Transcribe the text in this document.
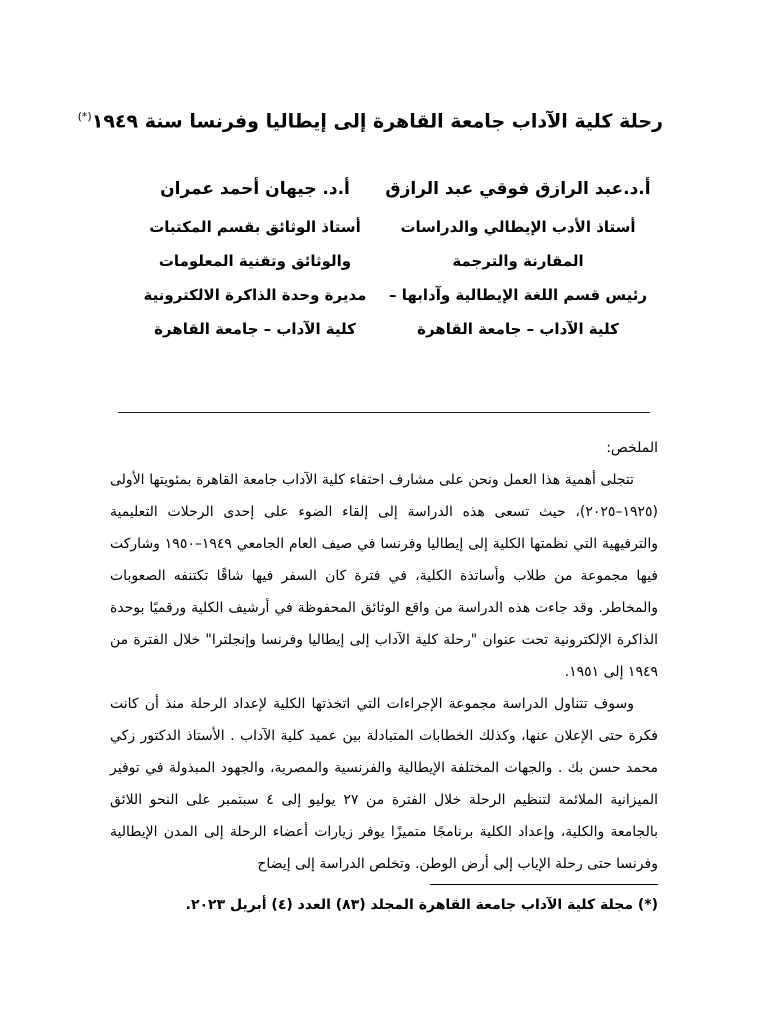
رحلة كلية الآداب جامعة القاهرة إلى إيطاليا وفرنسا سنة ١٩٤٩(*)
أ.د.عبد الرازق فوقي عبد الرازق
أستاذ الأدب الإيطالي والدراسات
المقارنة والترجمة
رئيس قسم اللغة الإيطالية وآدابها –
كلية الآداب – جامعة القاهرة
أ.د. جيهان أحمد عمران
أستاذ الوثائق بقسم المكتبات
والوثائق وتقنية المعلومات
مديرة وحدة الذاكرة الالكترونية
كلية الآداب – جامعة القاهرة
الملخص:

تتجلى أهمية هذا العمل ونحن على مشارف احتفاء كلية الآداب جامعة القاهرة بمئويتها الأولى (١٩٢٥–٢٠٢٥)، حيث تسعى هذه الدراسة إلى إلقاء الضوء على إحدى الرحلات التعليمية والترفيهية التي نظمتها الكلية إلى إيطاليا وفرنسا في صيف العام الجامعي ١٩٤٩–١٩٥٠ وشاركت فيها مجموعة من طلاب وأساتذة الكلية، في فترة كان السفر فيها شاقًا تكتنفه الصعوبات والمخاطر. وقد جاءت هذه الدراسة من واقع الوثائق المحفوظة في أرشيف الكلية ورقميًا بوحدة الذاكرة الإلكترونية تحت عنوان "رحلة كلية الآداب إلى إيطاليا وفرنسا وإنجلترا" خلال الفترة من ١٩٤٩ إلى ١٩٥١.

وسوف تتناول الدراسة مجموعة الإجراءات التي اتخذتها الكلية لإعداد الرحلة منذ أن كانت فكرة حتى الإعلان عنها، وكذلك الخطابات المتبادلة بين عميد كلية الآداب . الأستاذ الدكتور زكي محمد حسن بك . والجهات المختلفة الإيطالية والفرنسية والمصرية، والجهود المبذولة في توفير الميزانية الملائمة لتنظيم الرحلة خلال الفترة من ٢٧ يوليو إلى ٤ سبتمبر على النحو اللائق بالجامعة والكلية، وإعداد الكلية برنامجًا متميزًا يوفر زيارات أعضاء الرحلة إلى المدن الإيطالية وفرنسا حتى رحلة الإياب إلى أرض الوطن. وتخلص الدراسة إلى إيضاح

(*) مجلة كلية الآداب جامعة القاهرة المجلد (٨٣) العدد (٤) أبريل ٢٠٢٣.
